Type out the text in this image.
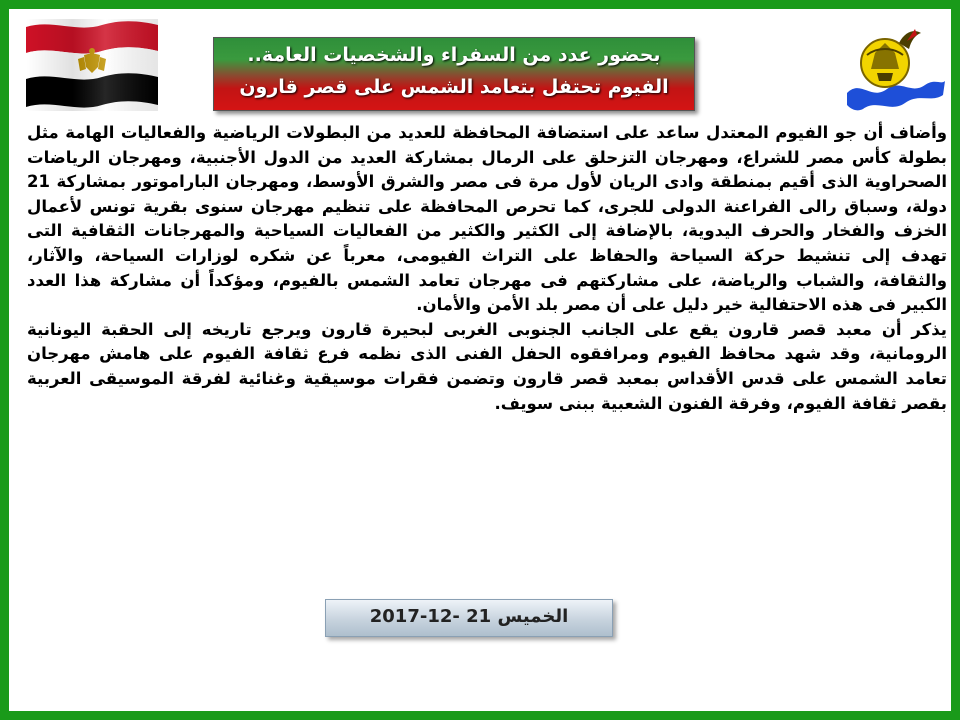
بحضور عدد من السفراء والشخصيات العامة..
الفيوم تحتفل بتعامد الشمس على قصر قارون

وأضاف أن جو الفيوم المعتدل ساعد على استضافة المحافظة للعديد من البطولات الرياضية والفعاليات الهامة مثل بطولة كأس مصر للشراع، ومهرجان التزحلق على الرمال بمشاركة العديد من الدول الأجنبية، ومهرجان الرياضات الصحراوية الذى أقيم بمنطقة وادى الريان لأول مرة فى مصر والشرق الأوسط، ومهرجان الباراموتور بمشاركة 21 دولة، وسباق رالى الفراعنة الدولى للجرى، كما تحرص المحافظة على تنظيم مهرجان سنوى بقرية تونس لأعمال الخزف والفخار والحرف اليدوية، بالإضافة إلى الكثير والكثير من الفعاليات السياحية والمهرجانات الثقافية التى تهدف إلى تنشيط حركة السياحة والحفاظ على التراث الفيومى، معرباً عن شكره لوزارات السياحة، والآثار، والثقافة، والشباب والرياضة، على مشاركتهم فى مهرجان تعامد الشمس بالفيوم، ومؤكداً أن مشاركة هذا العدد الكبير فى هذه الاحتفالية خير دليل على أن مصر بلد الأمن والأمان.

يذكر أن معبد قصر قارون يقع على الجانب الجنوبى الغربى لبحيرة قارون ويرجع تاريخه إلى الحقبة اليونانية الرومانية، وقد شهد محافظ الفيوم ومرافقوه الحفل الفنى الذى نظمه فرع ثقافة الفيوم على هامش مهرجان تعامد الشمس على قدس الأقداس بمعبد قصر قارون وتضمن فقرات موسيقية وغنائية لفرقة الموسيقى العربية بقصر ثقافة الفيوم، وفرقة الفنون الشعبية ببنى سويف.

الخميس 21 -12-2017
